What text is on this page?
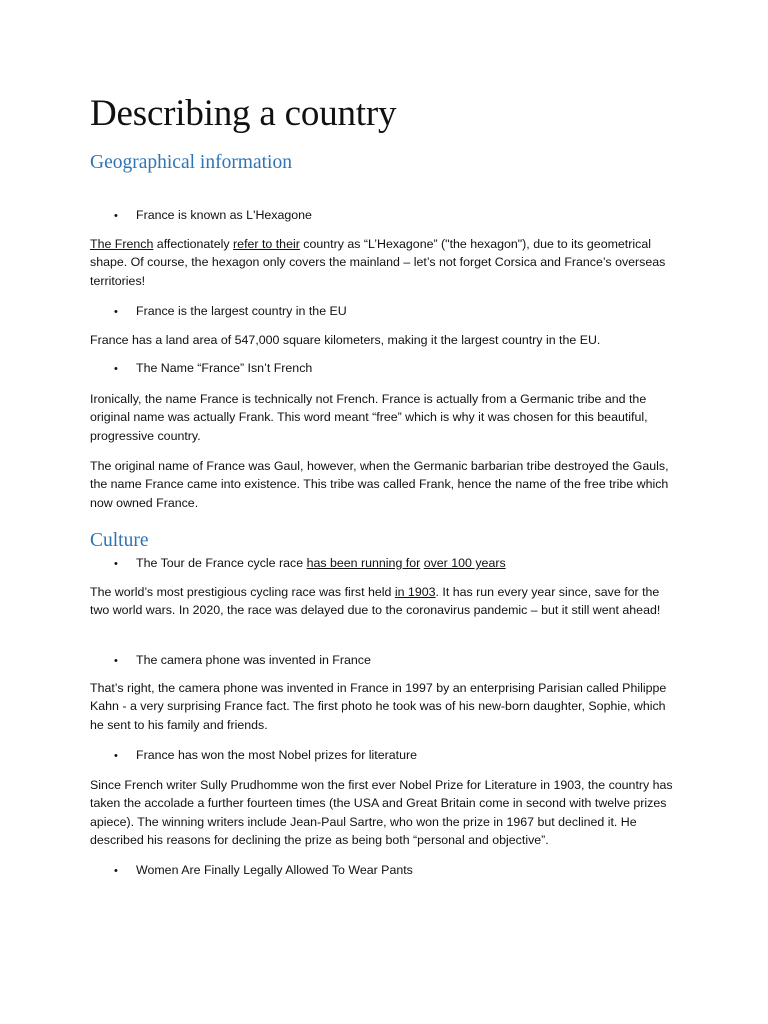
Describing a country
Geographical information

• France is known as L'Hexagone

The French affectionately refer to their country as “L’Hexagone” ("the hexagon"), due to its geometrical shape. Of course, the hexagon only covers the mainland – let’s not forget Corsica and France’s overseas territories!

• France is the largest country in the EU

France has a land area of 547,000 square kilometers, making it the largest country in the EU.

• The Name “France” Isn’t French

Ironically, the name France is technically not French. France is actually from a Germanic tribe and the original name was actually Frank. This word meant “free” which is why it was chosen for this beautiful, progressive country.

The original name of France was Gaul, however, when the Germanic barbarian tribe destroyed the Gauls, the name France came into existence. This tribe was called Frank, hence the name of the free tribe which now owned France.

Culture

• The Tour de France cycle race has been running for over 100 years

The world’s most prestigious cycling race was first held in 1903. It has run every year since, save for the two world wars. In 2020, the race was delayed due to the coronavirus pandemic – but it still went ahead!

• The camera phone was invented in France

That’s right, the camera phone was invented in France in 1997 by an enterprising Parisian called Philippe Kahn - a very surprising France fact. The first photo he took was of his new-born daughter, Sophie, which he sent to his family and friends.

• France has won the most Nobel prizes for literature

Since French writer Sully Prudhomme won the first ever Nobel Prize for Literature in 1903, the country has taken the accolade a further fourteen times (the USA and Great Britain come in second with twelve prizes apiece). The winning writers include Jean-Paul Sartre, who won the prize in 1967 but declined it. He described his reasons for declining the prize as being both “personal and objective”.

• Women Are Finally Legally Allowed To Wear Pants
